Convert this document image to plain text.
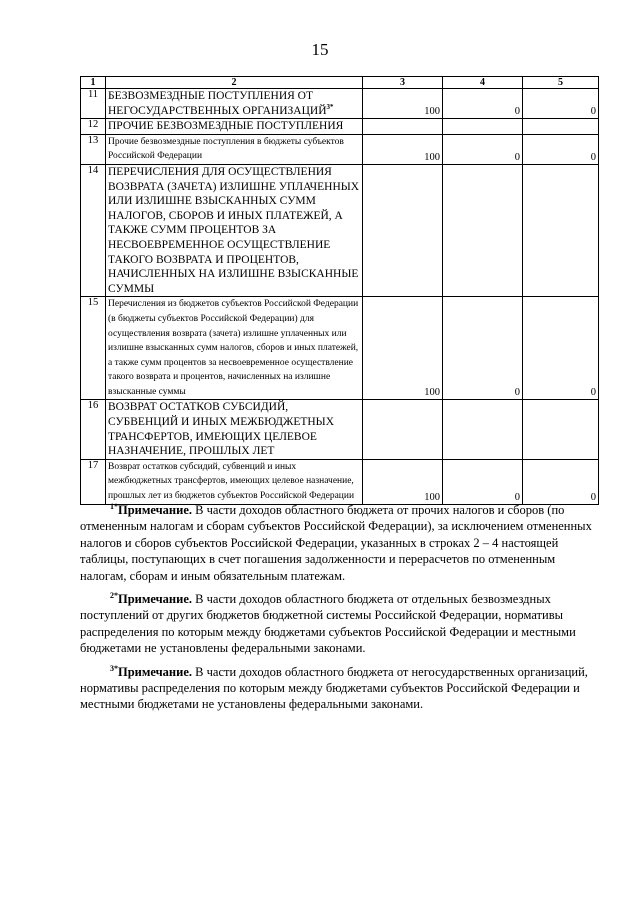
15
1	2	3	4	5
11	БЕЗВОЗМЕЗДНЫЕ ПОСТУПЛЕНИЯ ОТ НЕГОСУДАРСТВЕННЫХ $ОРГАНИЗАЦИЙ^{3*}$	100	0	0
12	ПРОЧИЕ БЕЗВОЗМЕЗДНЫЕ ПОСТУПЛЕНИЯ			
13	Прочие безвозмездные поступления в бюджеты субъектов Российской Федерации	100	0	0
14	ПЕРЕЧИСЛЕНИЯ ДЛЯ ОСУЩЕСТВЛЕНИЯ ВОЗВРАТА (ЗАЧЕТА) ИЗЛИШНЕ УПЛАЧЕННЫХ ИЛИ ИЗЛИШНЕ ВЗЫСКАННЫХ СУММ НАЛОГОВ, СБОРОВ И ИНЫХ ПЛАТЕЖЕЙ, А ТАКЖЕ СУММ ПРОЦЕНТОВ ЗА НЕСВОЕВРЕМЕННОЕ ОСУЩЕСТВЛЕНИЕ ТАКОГО ВОЗВРАТА И ПРОЦЕНТОВ, НАЧИСЛЕННЫХ НА ИЗЛИШНЕ ВЗЫСКАННЫЕ СУММЫ			
15	Перечисления из бюджетов субъектов Российской Федерации (в бюджеты субъектов Российской Федерации) для осуществления возврата (зачета) излишне уплаченных или излишне взысканных сумм налогов, сборов и иных платежей, а также сумм процентов за несвоевременное осуществление такого возврата и процентов, начисленных на излишне взысканные суммы	100	0	0
16	ВОЗВРАТ ОСТАТКОВ СУБСИДИЙ, СУБВЕНЦИЙ И ИНЫХ МЕЖБЮДЖЕТНЫХ ТРАНСФЕРТОВ, ИМЕЮЩИХ ЦЕЛЕВОЕ НАЗНАЧЕНИЕ, ПРОШЛЫХ ЛЕТ			
17	Возврат остатков субсидий, субвенций и иных межбюджетных трансфертов, имеющих целевое назначение, прошлых лет из бюджетов субъектов Российской Федерации	100	0	0

$^{1*}$Примечание. В части доходов областного бюджета от прочих налогов и сборов (по отмененным налогам и сборам субъектов Российской Федерации), за исключением отмененных налогов и сборов субъектов Российской Федерации, указанных в строках 2 – 4 настоящей таблицы, поступающих в счет погашения задолженности и перерасчетов по отмененным налогам, сборам и иным обязательным платежам.

$^{2*}$Примечание. В части доходов областного бюджета от отдельных безвозмездных поступлений от других бюджетов бюджетной системы Российской Федерации, нормативы распределения по которым между бюджетами субъектов Российской Федерации и местными бюджетами не установлены федеральными законами.

$^{3*}$Примечание. В части доходов областного бюджета от негосударственных организаций, нормативы распределения по которым между бюджетами субъектов Российской Федерации и местными бюджетами не установлены федеральными законами.
